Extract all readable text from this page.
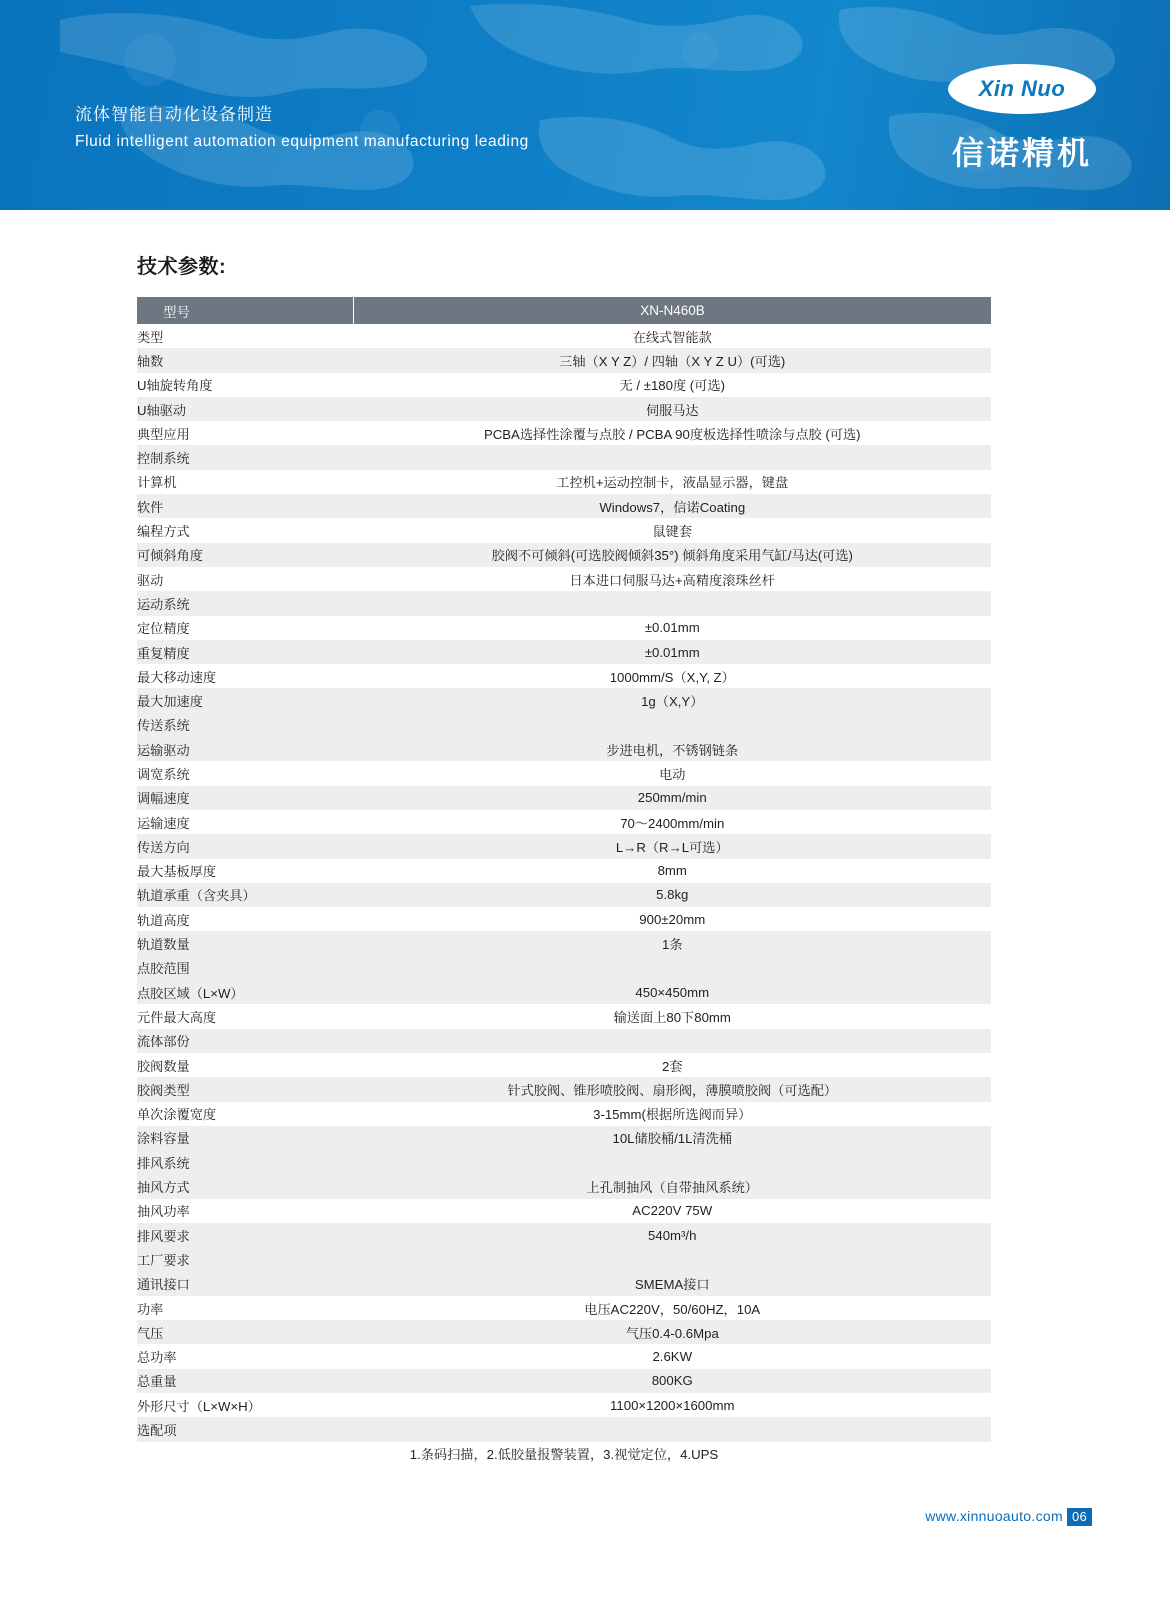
流体智能自动化设备制造
Fluid intelligent automation equipment manufacturing leading
Xin Nuo
信诺精机
技术参数:
型号	XN-N460B
类型	在线式智能款
轴数	三轴（X Y Z）/ 四轴（X Y Z U）(可选)
U轴旋转角度	无 / ±180度 (可选)
U轴驱动	伺服马达
典型应用	PCBA选择性涂覆与点胶 / PCBA 90度板选择性喷涂与点胶 (可选)
控制系统	
计算机	工控机+运动控制卡，液晶显示器，键盘
软件	Windows7，信诺Coating
编程方式	鼠键套
可倾斜角度	胶阀不可倾斜(可选胶阀倾斜35°) 倾斜角度采用气缸/马达(可选)
驱动	日本进口伺服马达+高精度滚珠丝杆
运动系统	
定位精度	±0.01mm
重复精度	±0.01mm
最大移动速度	1000mm/S（X,Y, Z）
最大加速度	1g（X,Y）
传送系统	
运输驱动	步进电机，不锈钢链条
调宽系统	电动
调幅速度	250mm/min
运输速度	70～2400mm/min
传送方向	L→R（R→L可选）
最大基板厚度	8mm
轨道承重（含夹具）	5.8kg
轨道高度	900±20mm
轨道数量	1条
点胶范围	
点胶区域（L×W）	450×450mm
元件最大高度	输送面上80下80mm
流体部份	
胶阀数量	2套
胶阀类型	针式胶阀、锥形喷胶阀、扇形阀，薄膜喷胶阀（可选配）
单次涂覆宽度	3-15mm(根据所选阀而异）
涂料容量	10L储胶桶/1L清洗桶
排风系统	
抽风方式	上孔制抽风（自带抽风系统）
抽风功率	AC220V 75W
排风要求	540m³/h
工厂要求	
通讯接口	SMEMA接口
功率	电压AC220V，50/60HZ，10A
气压	气压0.4-0.6Mpa
总功率	2.6KW
总重量	800KG
外形尺寸（L×W×H）	1100×1200×1600mm
选配项	
1.条码扫描，2.低胶量报警装置，3.视觉定位，4.UPS	
www.xinnuoauto.com 06
